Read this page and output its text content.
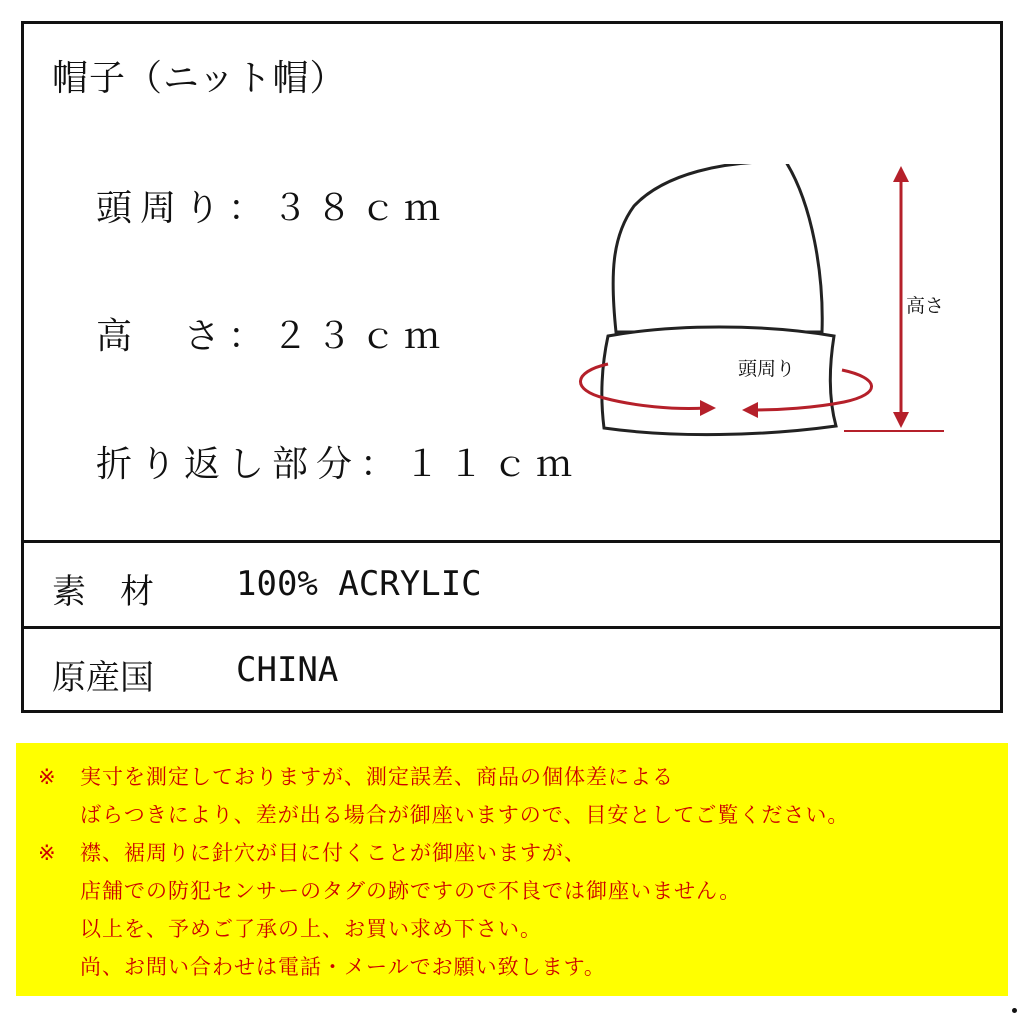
帽子（ニット帽）
頭周り：３８ｃｍ
高　さ：２３ｃｍ
折り返し部分：１１ｃｍ
高さ
頭周り
素　材 100% ACRYLIC
原産国 CHINA
※ 実寸を測定しておりますが、測定誤差、商品の個体差による
ばらつきにより、差が出る場合が御座いますので、目安としてご覧ください。
※ 襟、裾周りに針穴が目に付くことが御座いますが、
店舗での防犯センサーのタグの跡ですので不良では御座いません。
以上を、予めご了承の上、お買い求め下さい。
尚、お問い合わせは電話・メールでお願い致します。
